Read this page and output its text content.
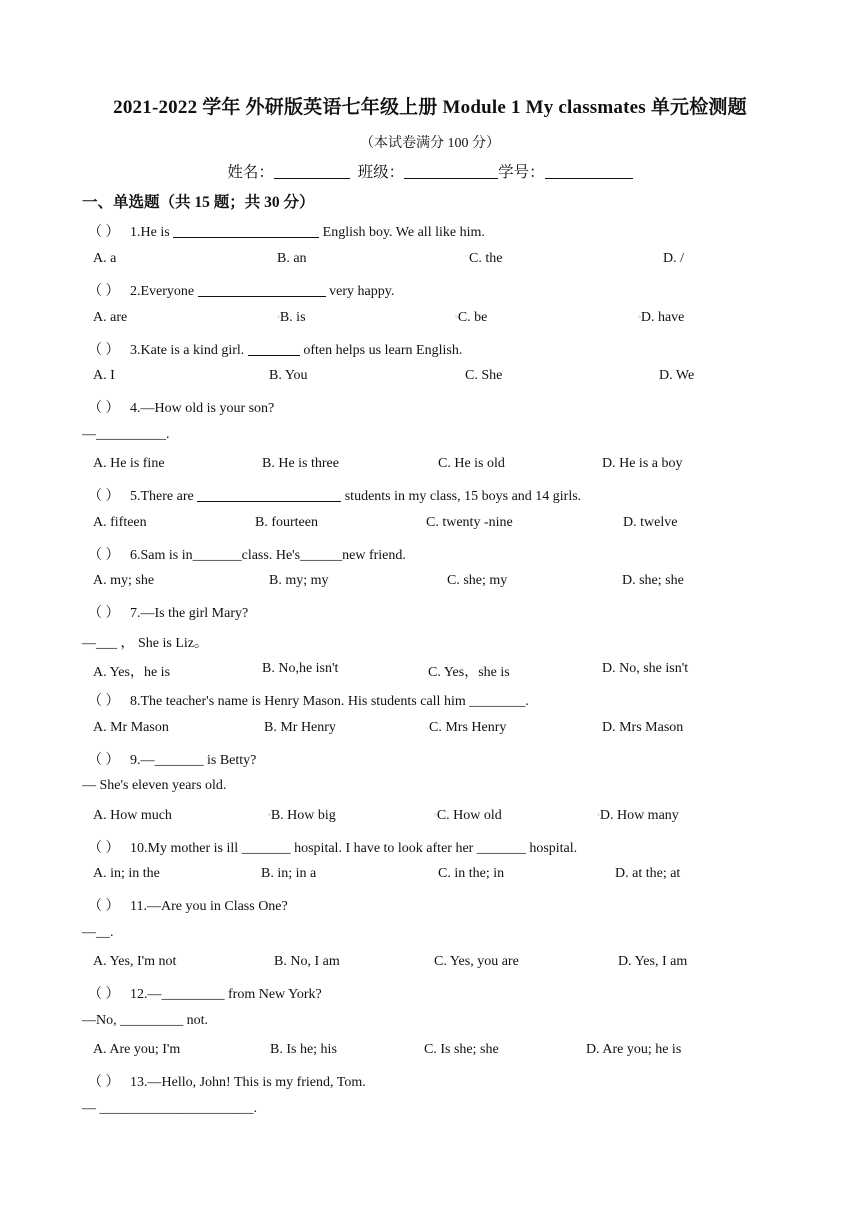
2021-2022 学年 外研版英语七年级上册 Module 1 My classmates 单元检测题
（本试卷满分 100 分）
姓名：	班级：	学号：
一、单选题（共 15 题；共 30 分）
（ ） 1.He is	English boy. We all like him.
A. a	B. an	C. the	D. /
（ ） 2.Everyone	very happy.
A. are	◦B. is	◦C. be	◦D. have
（ ） 3.Kate is a kind girl.	often helps us learn English.
A. I	B. You	C. She	D. We
（ ） 4.—How old is your son?
—__________.
A. He is fine	B. He is three	C. He is old	D. He is a boy
（ ） 5.There are	students in my class, 15 boys and 14 girls.
A. fifteen	B. fourteen	C. twenty -nine	D. twelve
（ ） 6.Sam is in_______class. He's______new friend.
A. my; she	B. my; my	C. she; my	D. she; she
（ ） 7.—Is the girl Mary?
—___ ， She is Liz。
A. Yes，he is	B. No,he isn't	C. Yes，she is	D. No, she isn't
（ ） 8.The teacher's name is Henry Mason. His students call him ________.
A. Mr Mason	B. Mr Henry	C. Mrs Henry	D. Mrs Mason
（ ） 9.—_______ is Betty?
— She's eleven years old.
A. How much	◦B. How big	◦C. How old	◦D. How many
（ ） 10.My mother is ill _______ hospital. I have to look after her _______ hospital.
A. in; in the	B. in; in a	C. in the; in	D. at the; at
（ ） 11.—Are you in Class One?
—__.
A. Yes, I'm not	B. No, I am	C. Yes, you are	D. Yes, I am
（ ） 12.—_________ from New York?
—No, _________ not.
A. Are you; I'm	B. Is he; his	C. Is she; she	D. Are you; he is
（ ） 13.—Hello, John! This is my friend, Tom.
— ______________________.
